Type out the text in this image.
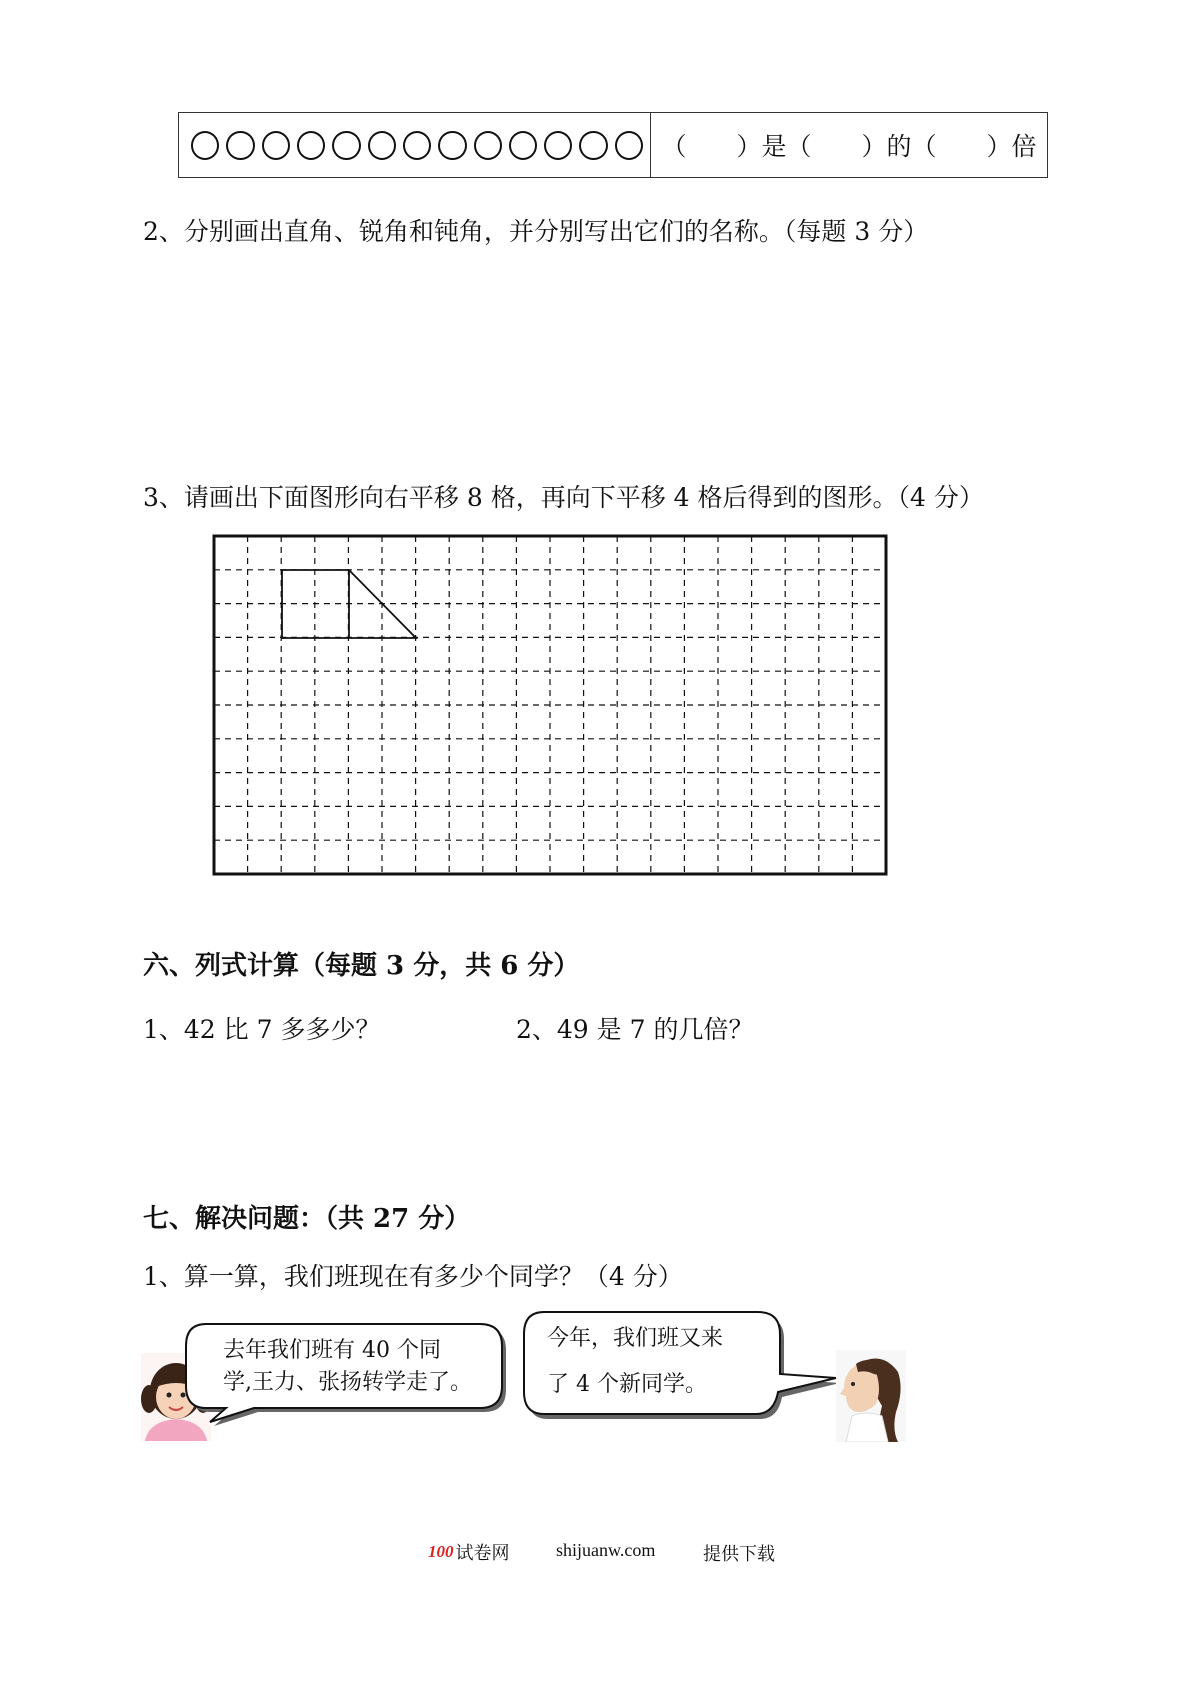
（　　）是（　　）的（　　）倍
2、分别画出直角、锐角和钝角，并分别写出它们的名称。（每题 3 分）
3、请画出下面图形向右平移 8 格，再向下平移 4 格后得到的图形。（4 分）
六、列式计算（每题 3 分，共 6 分）
1、42 比 7 多多少？	2、49 是 7 的几倍？
七、解决问题：（共 27 分）
1、算一算，我们班现在有多少个同学？（4 分）
去年我们班有 40 个同
学,王力、张扬转学走了。
今年，我们班又来
了 4 个新同学。
100 试卷网	shijuanw.com	提供下载
